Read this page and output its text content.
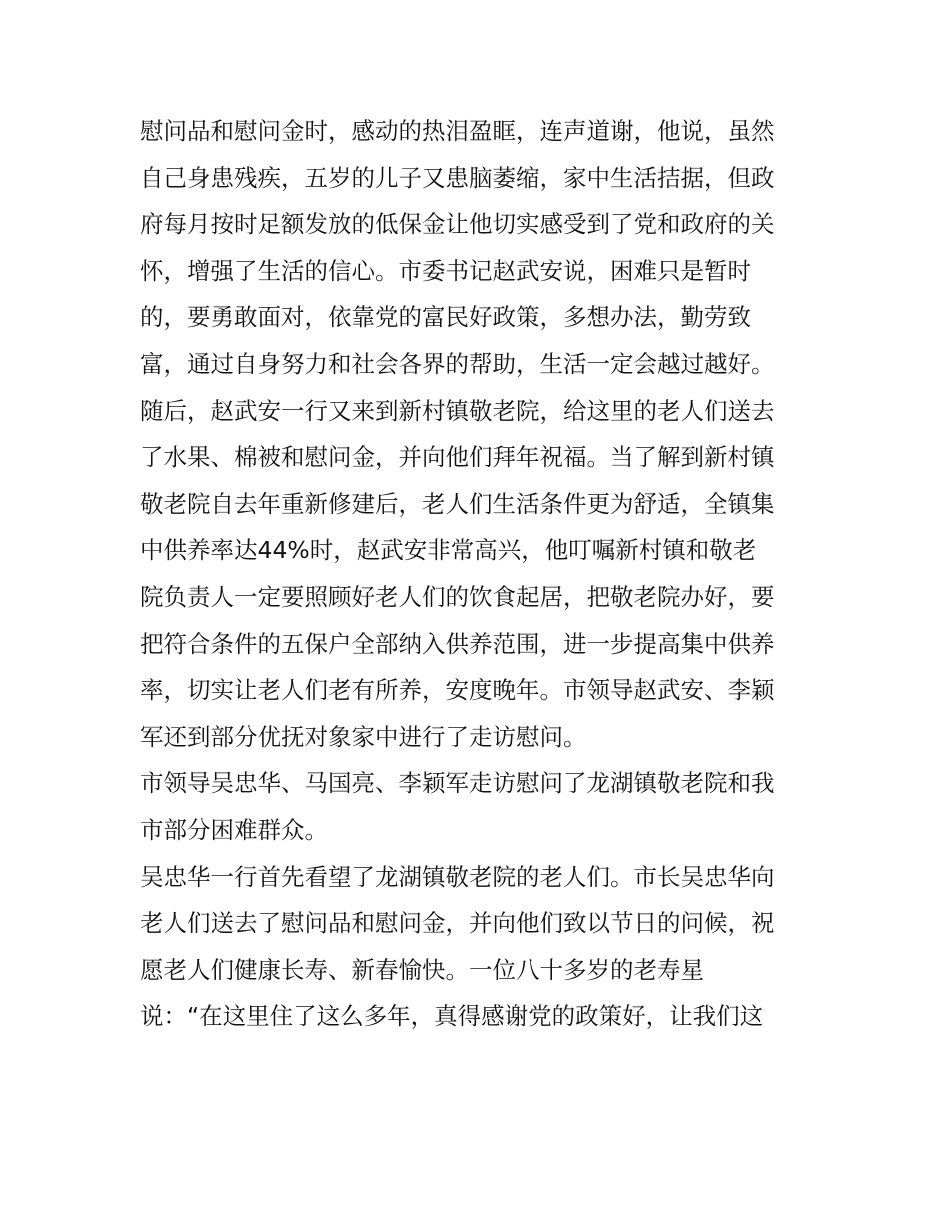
慰问品和慰问金时，感动的热泪盈眶，连声道谢，他说，虽然
自己身患残疾，五岁的儿子又患脑萎缩，家中生活拮据，但政
府每月按时足额发放的低保金让他切实感受到了党和政府的关
怀，增强了生活的信心。市委书记赵武安说，困难只是暂时
的，要勇敢面对，依靠党的富民好政策，多想办法，勤劳致
富，通过自身努力和社会各界的帮助，生活一定会越过越好。
随后，赵武安一行又来到新村镇敬老院，给这里的老人们送去
了水果、棉被和慰问金，并向他们拜年祝福。当了解到新村镇
敬老院自去年重新修建后，老人们生活条件更为舒适，全镇集
中供养率达44%时，赵武安非常高兴，他叮嘱新村镇和敬老
院负责人一定要照顾好老人们的饮食起居，把敬老院办好，要
把符合条件的五保户全部纳入供养范围，进一步提高集中供养
率，切实让老人们老有所养，安度晚年。市领导赵武安、李颖
军还到部分优抚对象家中进行了走访慰问。
市领导吴忠华、马国亮、李颖军走访慰问了龙湖镇敬老院和我
市部分困难群众。
吴忠华一行首先看望了龙湖镇敬老院的老人们。市长吴忠华向
老人们送去了慰问品和慰问金，并向他们致以节日的问候，祝
愿老人们健康长寿、新春愉快。一位八十多岁的老寿星
说：“在这里住了这么多年，真得感谢党的政策好，让我们这
